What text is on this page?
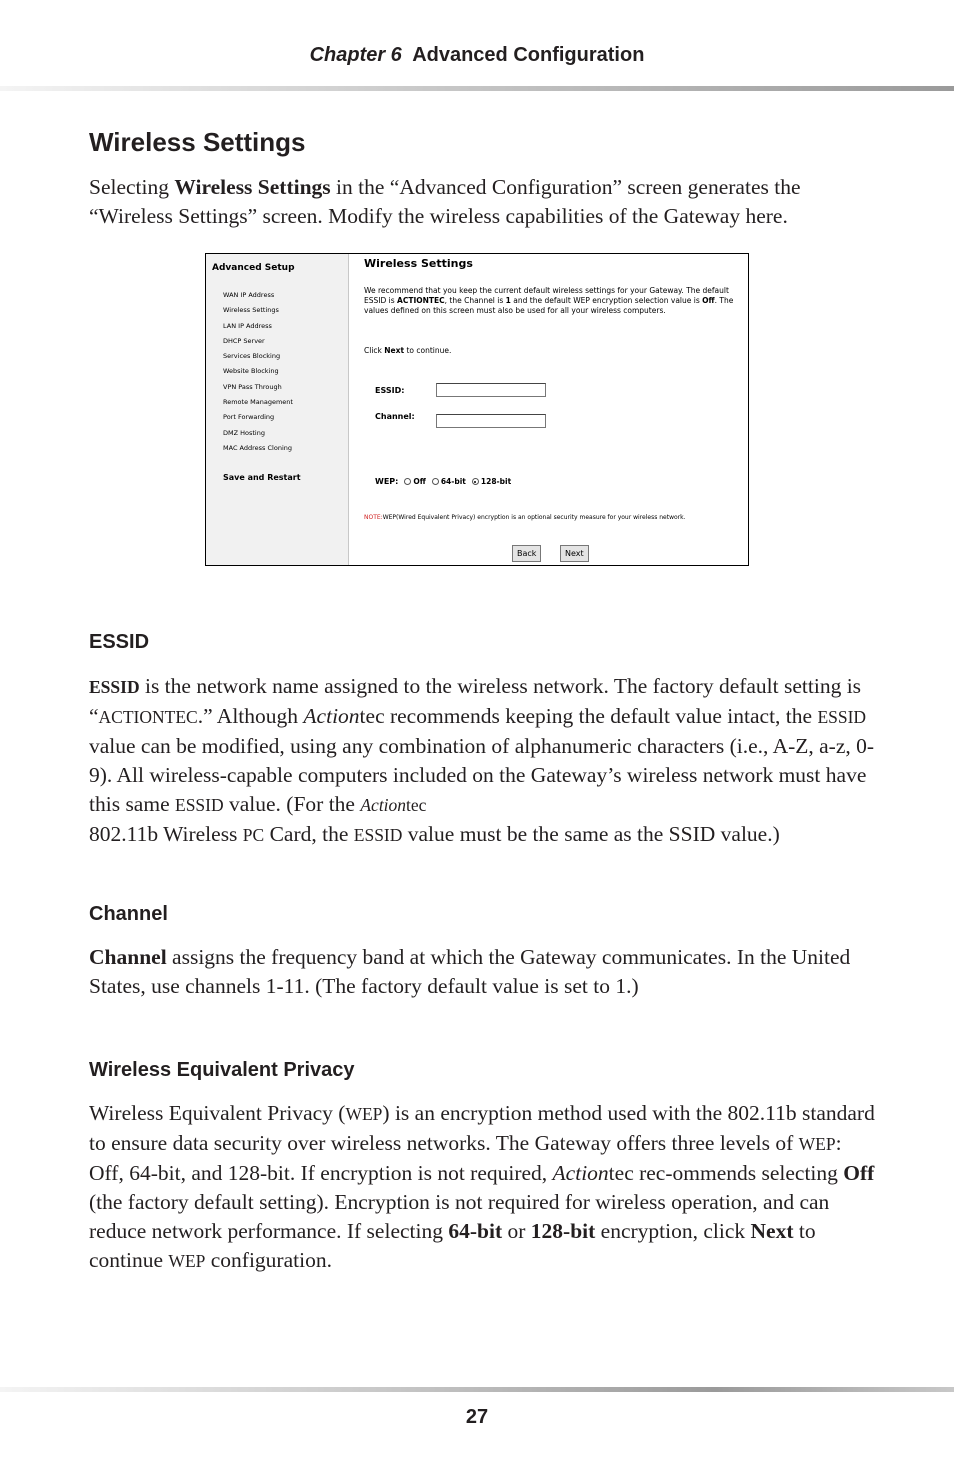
Chapter 6 Advanced Configuration
Wireless Settings
Selecting Wireless Settings in the “Advanced Configuration” screen generates the “Wireless Settings” screen. Modify the wireless capabilities of the Gateway here.
Advanced Setup
WAN IP Address
Wireless Settings
LAN IP Address
DHCP Server
Services Blocking
Website Blocking
VPN Pass Through
Remote Management
Port Forwarding
DMZ Hosting
MAC Address Cloning
Save and Restart
Wireless Settings
We recommend that you keep the current default wireless settings for your Gateway. The default ESSID is ACTIONTEC, the Channel is 1 and the default WEP encryption selection value is Off. The values defined on this screen must also be used for all your wireless computers.
Click Next to continue.
ESSID:
Channel:
WEP: Off 64-bit 128-bit
NOTE:WEP(Wired Equivalent Privacy) encryption is an optional security measure for your wireless network.
Back	Next
ESSID
ESSID is the network name assigned to the wireless network. The factory default setting is “ACTIONTEC.” Although Actiontec recommends keeping the default value intact, the ESSID value can be modified, using any combination of alphanumeric characters (i.e., A-Z, a-z, 0-9). All wireless-capable computers included on the Gateway’s wireless network must have this same ESSID value. (For the Actiontec
802.11b Wireless PC Card, the ESSID value must be the same as the SSID value.)
Channel
Channel assigns the frequency band at which the Gateway communicates. In the United States, use channels 1-11. (The factory default value is set to 1.)
Wireless Equivalent Privacy
Wireless Equivalent Privacy (WEP) is an encryption method used with the 802.11b standard to ensure data security over wireless networks. The Gateway offers three levels of WEP: Off, 64-bit, and 128-bit. If encryption is not required, Actiontec rec-ommends selecting Off (the factory default setting). Encryption is not required for wireless operation, and can reduce network performance. If selecting 64-bit or 128-bit encryption, click Next to continue WEP configuration.
27
